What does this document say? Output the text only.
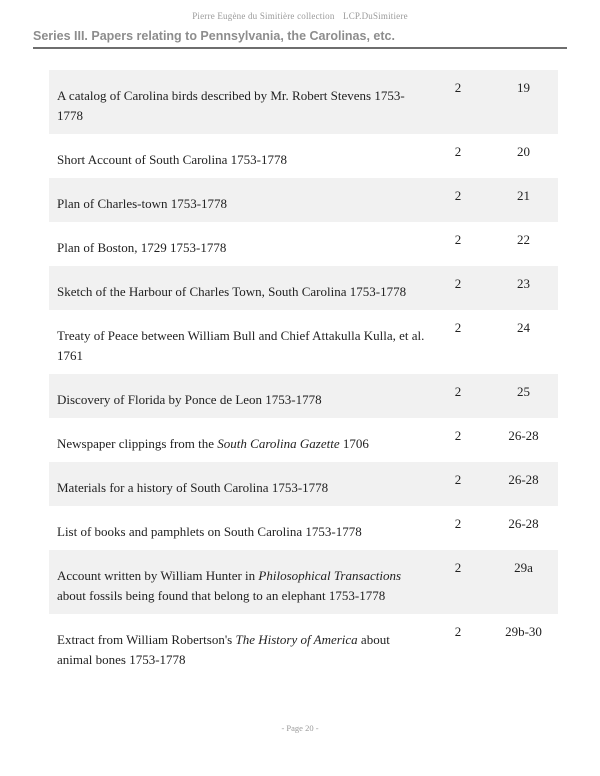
Pierre Eugène du Simitière collection LCP.DuSimitiere
Series III. Papers relating to Pennsylvania, the Carolinas, etc.
A catalog of Carolina birds described by Mr. Robert Stevens 1753-1778
2	19
Short Account of South Carolina 1753-1778
2	20
Plan of Charles-town 1753-1778
2	21
Plan of Boston, 1729 1753-1778
2	22
Sketch of the Harbour of Charles Town, South Carolina 1753-1778
2	23
Treaty of Peace between William Bull and Chief Attakulla Kulla, et al. 1761
2	24
Discovery of Florida by Ponce de Leon 1753-1778
2	25
Newspaper clippings from the South Carolina Gazette 1706
2	26-28
Materials for a history of South Carolina 1753-1778
2	26-28
List of books and pamphlets on South Carolina 1753-1778
2	26-28
Account written by William Hunter in Philosophical Transactions about fossils being found that belong to an elephant 1753-1778
2	29a
Extract from William Robertson's The History of America about animal bones 1753-1778
2	29b-30
- Page 20 -
